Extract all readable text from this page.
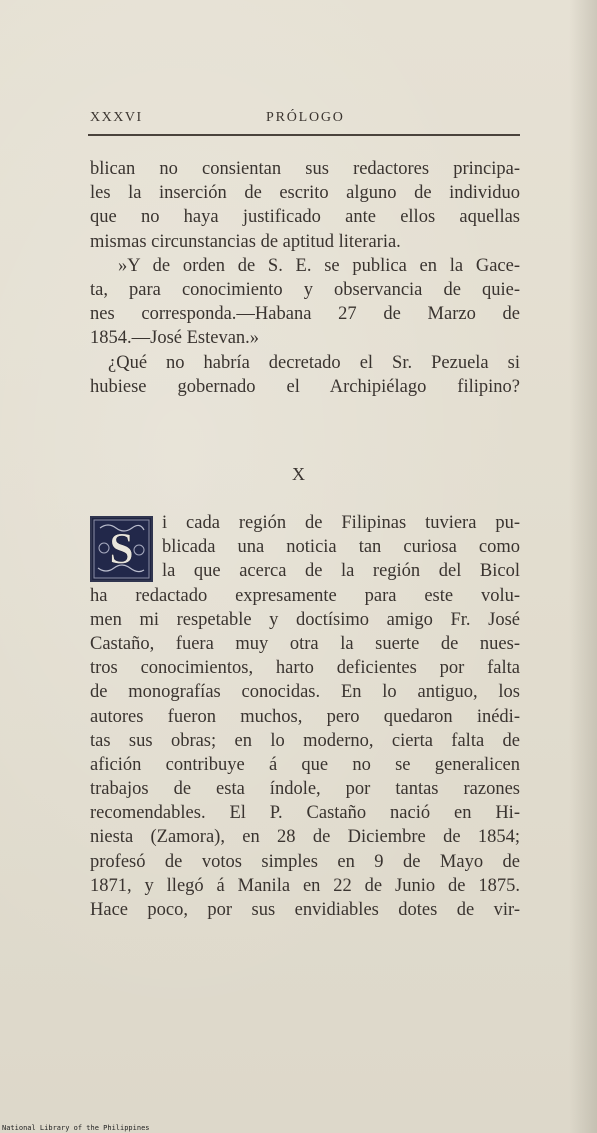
XXXVI	PRÓLOGO
blican no consientan sus redactores principa-
les la inserción de escrito alguno de individuo
que no haya justificado ante ellos aquellas
mismas circunstancias de aptitud literaria.
»Y de orden de S. E. se publica en la Gace-
ta, para conocimiento y observancia de quie-
nes corresponda.—Habana 27 de Marzo de
1854.—José Estevan.»
¿Qué no habría decretado el Sr. Pezuela si
hubiese gobernado el Archipiélago filipino?
X
S
i cada región de Filipinas tuviera pu-
blicada una noticia tan curiosa como
la que acerca de la región del Bicol
ha redactado expresamente para este volu-
men mi respetable y doctísimo amigo Fr. José
Castaño, fuera muy otra la suerte de nues-
tros conocimientos, harto deficientes por falta
de monografías conocidas. En lo antiguo, los
autores fueron muchos, pero quedaron inédi-
tas sus obras; en lo moderno, cierta falta de
afición contribuye á que no se generalicen
trabajos de esta índole, por tantas razones
recomendables. El P. Castaño nació en Hi-
niesta (Zamora), en 28 de Diciembre de 1854;
profesó de votos simples en 9 de Mayo de
1871, y llegó á Manila en 22 de Junio de 1875.
Hace poco, por sus envidiables dotes de vir-
National Library of the Philippines
